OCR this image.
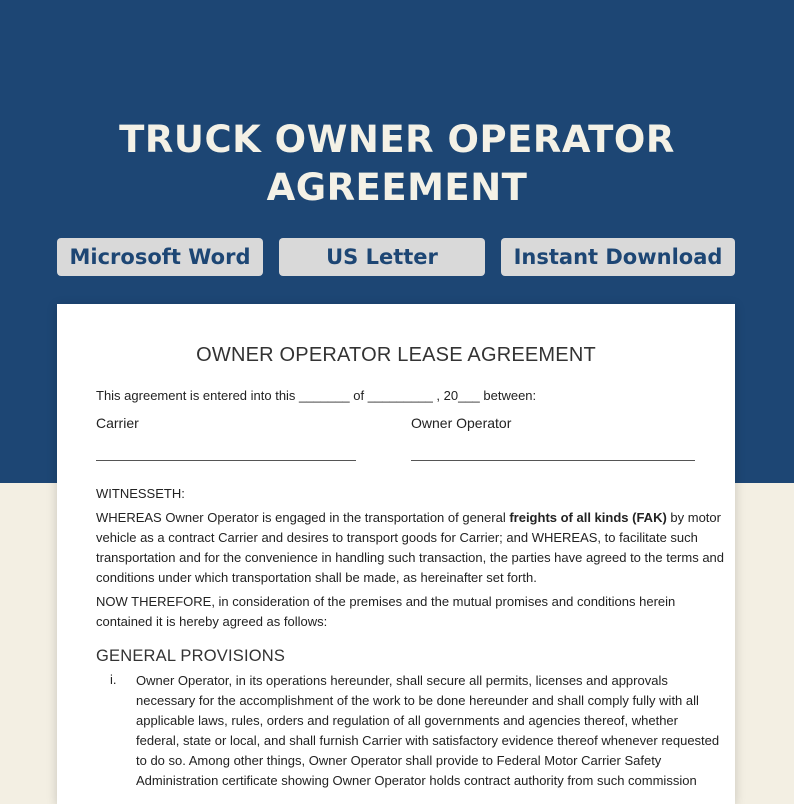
TRUCK OWNER OPERATOR
AGREEMENT
Microsoft Word	US Letter	Instant Download
OWNER OPERATOR LEASE AGREEMENT
This agreement is entered into this _______ of _________ , 20___ between:
Carrier	Owner Operator
WITNESSETH:
WHEREAS Owner Operator is engaged in the transportation of general freights of all kinds (FAK) by motor
vehicle as a contract Carrier and desires to transport goods for Carrier; and WHEREAS, to facilitate such
transportation and for the convenience in handling such transaction, the parties have agreed to the terms and
conditions under which transportation shall be made, as hereinafter set forth.
NOW THEREFORE, in consideration of the premises and the mutual promises and conditions herein
contained it is hereby agreed as follows:
GENERAL PROVISIONS
i. Owner Operator, in its operations hereunder, shall secure all permits, licenses and approvals
necessary for the accomplishment of the work to be done hereunder and shall comply fully with all
applicable laws, rules, orders and regulation of all governments and agencies thereof, whether
federal, state or local, and shall furnish Carrier with satisfactory evidence thereof whenever requested
to do so. Among other things, Owner Operator shall provide to Federal Motor Carrier Safety
Administration certificate showing Owner Operator holds contract authority from such commission
